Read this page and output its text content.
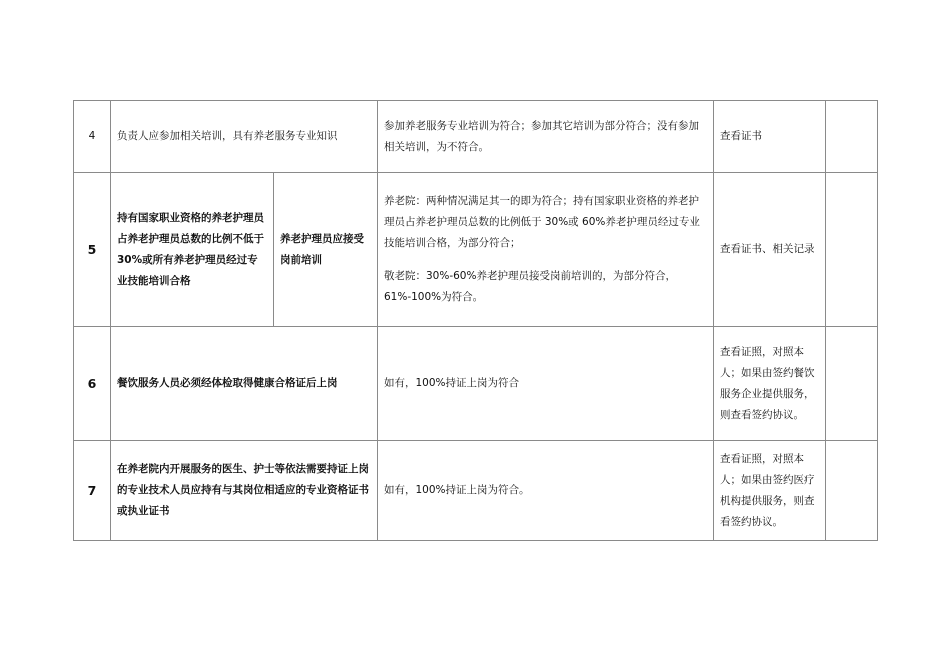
4	负责人应参加相关培训，具有养老服务专业知识		参加养老服务专业培训为符合；参加其它培训为部分符合；没有参加相关培训，为不符合。	查看证书	
5	持有国家职业资格的养老护理员占养老护理员总数的比例不低于 30%或所有养老护理员经过专业技能培训合格	养老护理员应接受岗前培训	养老院：两种情况满足其一的即为符合；持有国家职业资格的养老护理员占养老护理员总数的比例低于 30%或 60%养老护理员经过专业技能培训合格，为部分符合；

敬老院：30%-60%养老护理员接受岗前培训的，为部分符合，61%-100%为符合。	查看证书、相关记录	
6	餐饮服务人员必须经体检取得健康合格证后上岗		如有，100%持证上岗为符合	查看证照，对照本人；如果由签约餐饮服务企业提供服务，则查看签约协议。	
7	在养老院内开展服务的医生、护士等依法需要持证上岗的专业技术人员应持有与其岗位相适应的专业资格证书或执业证书		如有，100%持证上岗为符合。	查看证照，对照本人；如果由签约医疗机构提供服务，则查看签约协议。	
